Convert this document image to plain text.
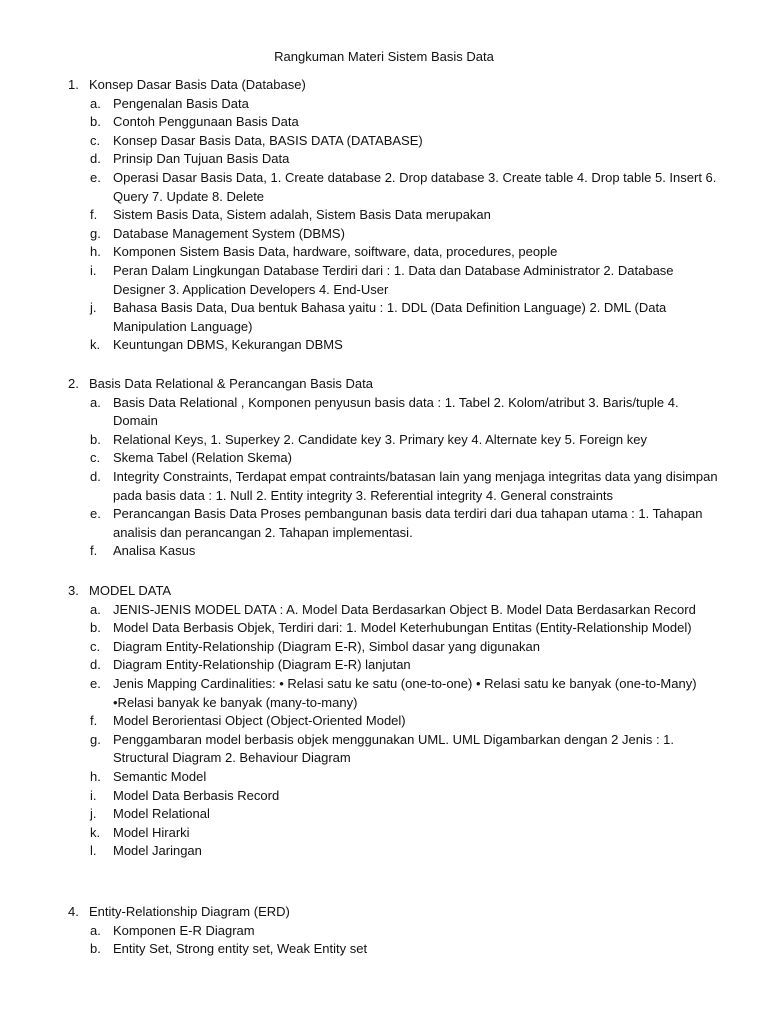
Rangkuman Materi Sistem Basis Data
1. Konsep Dasar Basis Data (Database)
a. Pengenalan Basis Data
b. Contoh Penggunaan Basis Data
c. Konsep Dasar Basis Data, BASIS DATA (DATABASE)
d. Prinsip Dan Tujuan Basis Data
e. Operasi Dasar Basis Data, 1. Create database 2. Drop database 3. Create table 4. Drop table 5. Insert 6. Query 7. Update 8. Delete
f. Sistem Basis Data, Sistem adalah, Sistem Basis Data merupakan
g. Database Management System (DBMS)
h. Komponen Sistem Basis Data, hardware, soiftware, data, procedures, people
i. Peran Dalam Lingkungan Database Terdiri dari : 1. Data dan Database Administrator 2. Database Designer 3. Application Developers 4. End-User
j. Bahasa Basis Data, Dua bentuk Bahasa yaitu : 1. DDL (Data Definition Language) 2. DML (Data Manipulation Language)
k. Keuntungan DBMS, Kekurangan DBMS
2. Basis Data Relational & Perancangan Basis Data
a. Basis Data Relational , Komponen penyusun basis data : 1. Tabel 2. Kolom/atribut 3. Baris/tuple 4. Domain
b. Relational Keys, 1. Superkey 2. Candidate key 3. Primary key 4. Alternate key 5. Foreign key
c. Skema Tabel (Relation Skema)
d. Integrity Constraints, Terdapat empat contraints/batasan lain yang menjaga integritas data yang disimpan pada basis data : 1. Null 2. Entity integrity 3. Referential integrity 4. General constraints
e. Perancangan Basis Data Proses pembangunan basis data terdiri dari dua tahapan utama : 1. Tahapan analisis dan perancangan 2. Tahapan implementasi.
f. Analisa Kasus
3. MODEL DATA
a. JENIS-JENIS MODEL DATA : A. Model Data Berdasarkan Object B. Model Data Berdasarkan Record
b. Model Data Berbasis Objek, Terdiri dari: 1. Model Keterhubungan Entitas (Entity-Relationship Model)
c. Diagram Entity-Relationship (Diagram E-R), Simbol dasar yang digunakan
d. Diagram Entity-Relationship (Diagram E-R) lanjutan
e. Jenis Mapping Cardinalities: • Relasi satu ke satu (one-to-one) • Relasi satu ke banyak (one-to-Many) •Relasi banyak ke banyak (many-to-many)
f. Model Berorientasi Object (Object-Oriented Model)
g. Penggambaran model berbasis objek menggunakan UML. UML Digambarkan dengan 2 Jenis : 1. Structural Diagram 2. Behaviour Diagram
h. Semantic Model
i. Model Data Berbasis Record
j. Model Relational
k. Model Hirarki
l. Model Jaringan
4. Entity-Relationship Diagram (ERD)
a. Komponen E-R Diagram
b. Entity Set, Strong entity set, Weak Entity set
